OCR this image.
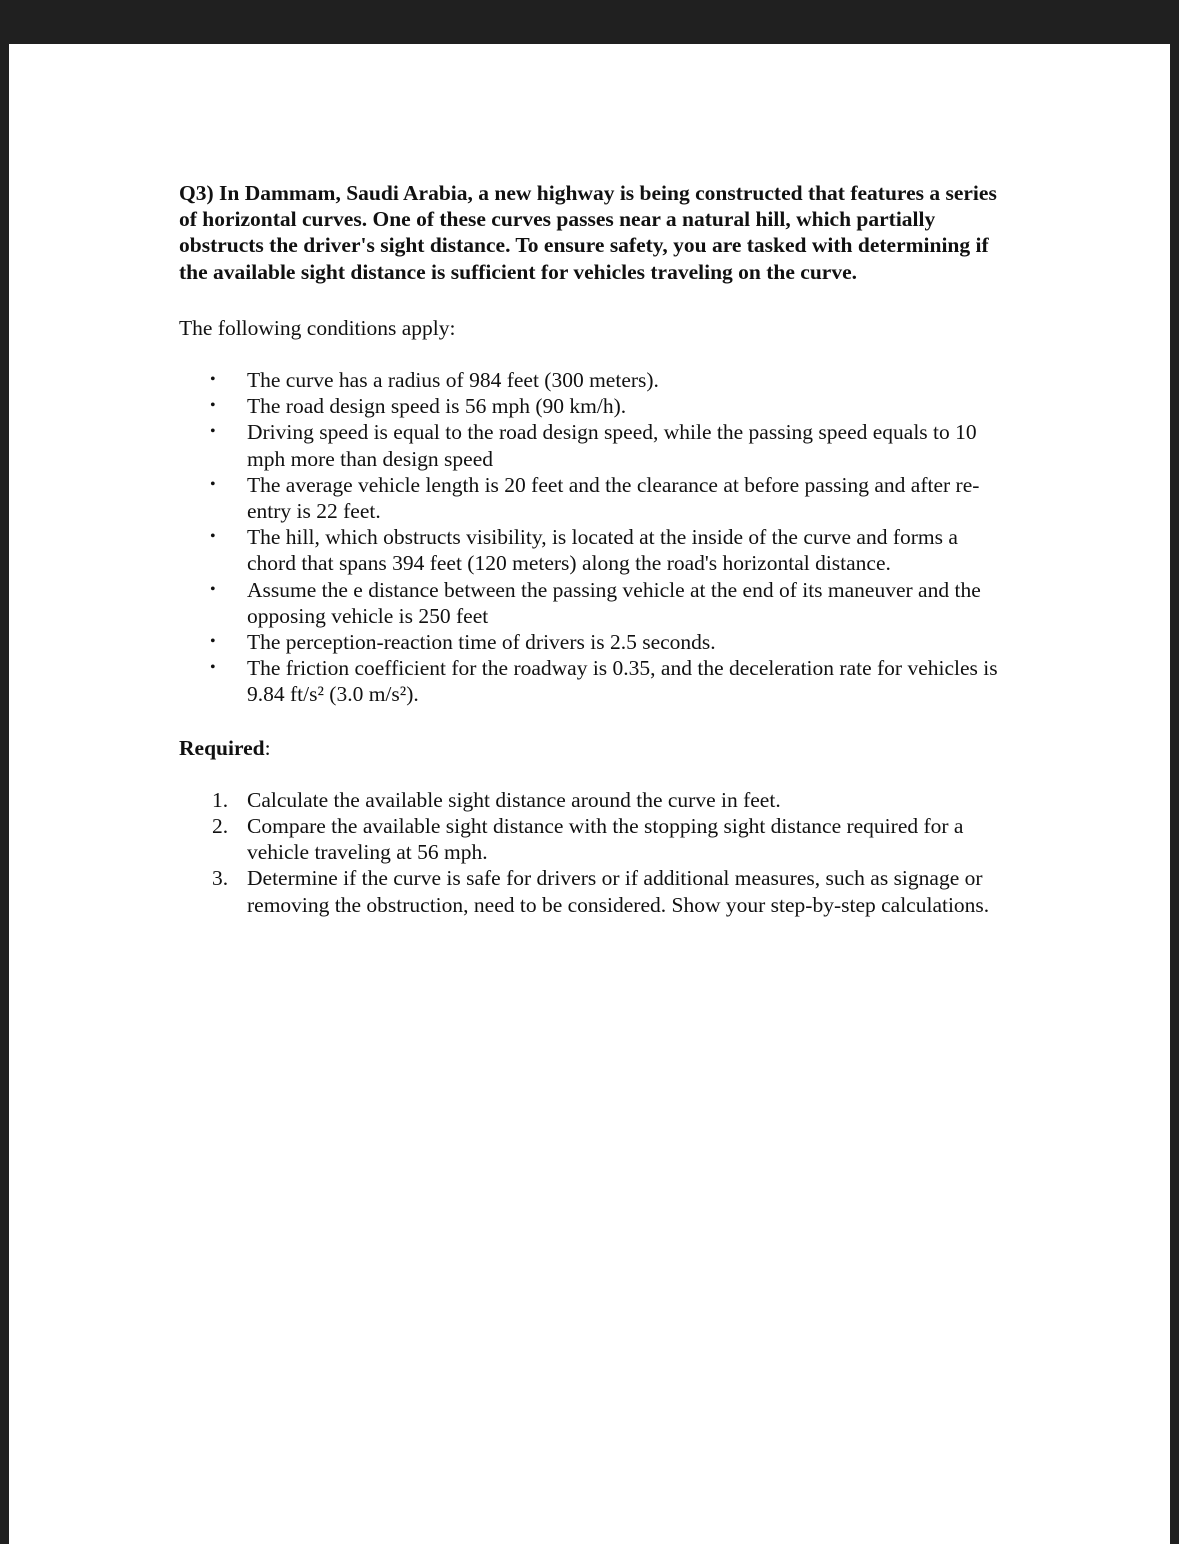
Q3) In Dammam, Saudi Arabia, a new highway is being constructed that features a series of horizontal curves. One of these curves passes near a natural hill, which partially obstructs the driver's sight distance. To ensure safety, you are tasked with determining if the available sight distance is sufficient for vehicles traveling on the curve.

The following conditions apply:

• The curve has a radius of 984 feet (300 meters).
• The road design speed is 56 mph (90 km/h).
• Driving speed is equal to the road design speed, while the passing speed equals to 10 mph more than design speed
• The average vehicle length is 20 feet and the clearance at before passing and after re-entry is 22 feet.
• The hill, which obstructs visibility, is located at the inside of the curve and forms a chord that spans 394 feet (120 meters) along the road's horizontal distance.
• Assume the e distance between the passing vehicle at the end of its maneuver and the opposing vehicle is 250 feet
• The perception-reaction time of drivers is 2.5 seconds.
• The friction coefficient for the roadway is 0.35, and the deceleration rate for vehicles is 9.84 ft/s² (3.0 m/s²).

Required:

1. Calculate the available sight distance around the curve in feet.
2. Compare the available sight distance with the stopping sight distance required for a vehicle traveling at 56 mph.
3. Determine if the curve is safe for drivers or if additional measures, such as signage or removing the obstruction, need to be considered. Show your step-by-step calculations.
